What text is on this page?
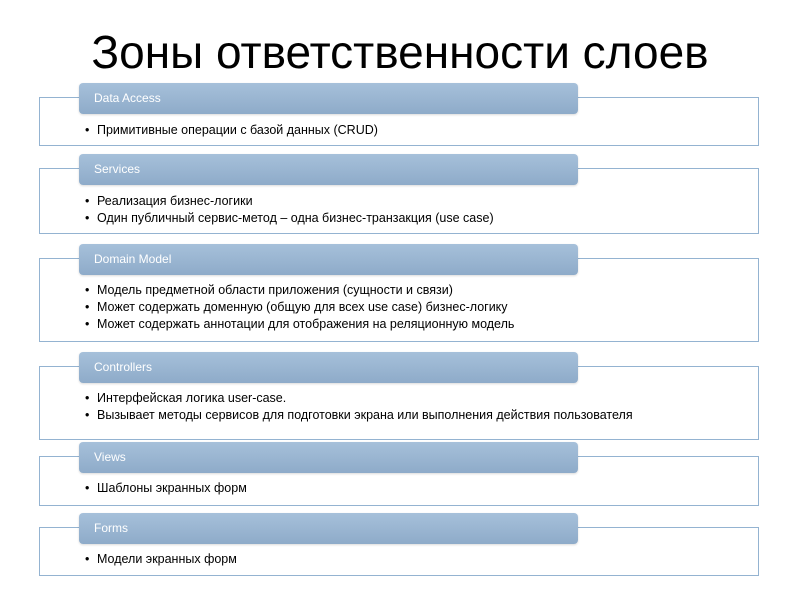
Зоны ответственности слоев
Data Access
• Примитивные операции с базой данных (CRUD)
Services
• Реализация бизнес-логики
• Один публичный сервис-метод – одна бизнес-транзакция (use case)
Domain Model
• Модель предметной области приложения (сущности и связи)
• Может содержать доменную (общую для всех use case) бизнес-логику
• Может содержать аннотации для отображения на реляционную модель
Controllers
• Интерфейская логика user-case.
• Вызывает методы сервисов для подготовки экрана или выполнения действия пользователя
Views
• Шаблоны экранных форм
Forms
• Модели экранных форм
